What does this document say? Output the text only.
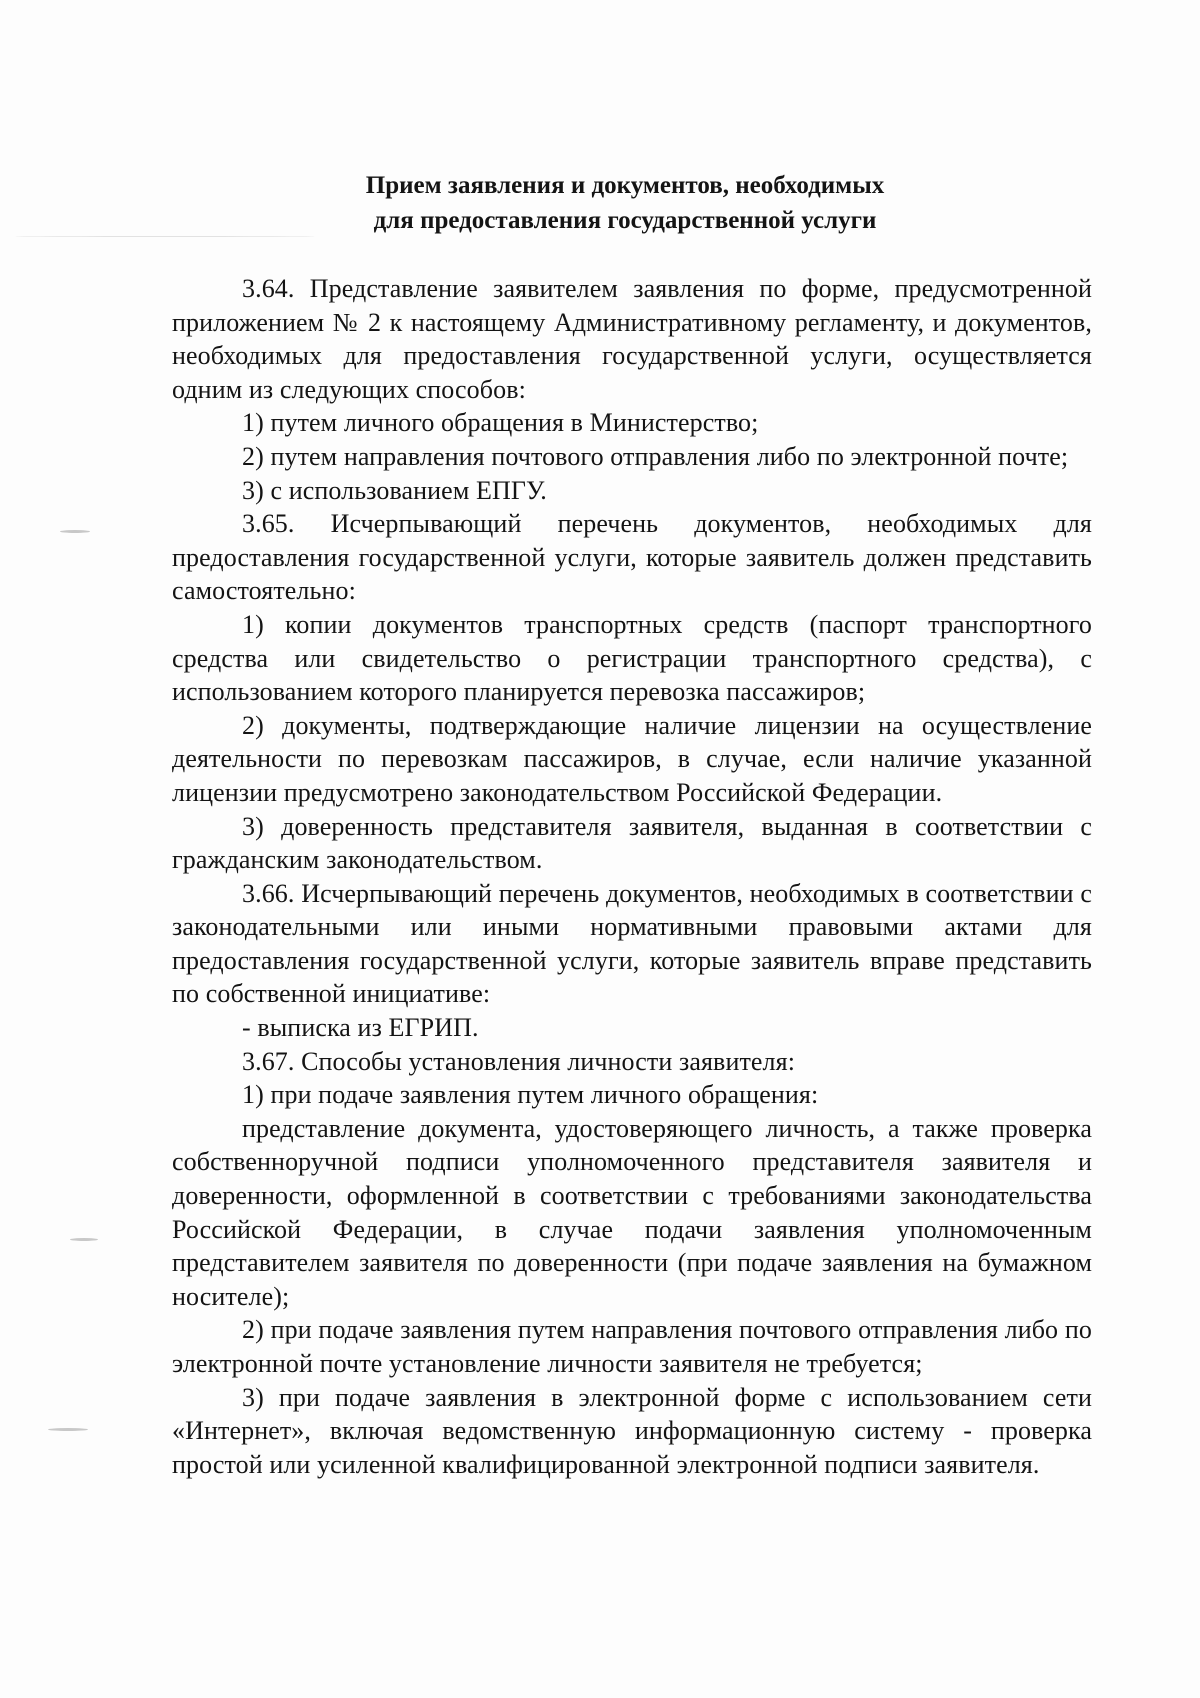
Прием заявления и документов, необходимых
для предоставления государственной услуги

3.64. Представление заявителем заявления по форме, предусмотренной приложением № 2 к настоящему Административному регламенту, и документов, необходимых для предоставления государственной услуги, осуществляется одним из следующих способов:

1) путем личного обращения в Министерство;

2) путем направления почтового отправления либо по электронной почте;

3) с использованием ЕПГУ.

3.65. Исчерпывающий перечень документов, необходимых для предоставления государственной услуги, которые заявитель должен представить самостоятельно:

1) копии документов транспортных средств (паспорт транспортного средства или свидетельство о регистрации транспортного средства), с использованием которого планируется перевозка пассажиров;

2) документы, подтверждающие наличие лицензии на осуществление деятельности по перевозкам пассажиров, в случае, если наличие указанной лицензии предусмотрено законодательством Российской Федерации.

3) доверенность представителя заявителя, выданная в соответствии с гражданским законодательством.

3.66. Исчерпывающий перечень документов, необходимых в соответствии с законодательными или иными нормативными правовыми актами для предоставления государственной услуги, которые заявитель вправе представить по собственной инициативе:

- выписка из ЕГРИП.

3.67. Способы установления личности заявителя:

1) при подаче заявления путем личного обращения:

представление документа, удостоверяющего личность, а также проверка собственноручной подписи уполномоченного представителя заявителя и доверенности, оформленной в соответствии с требованиями законодательства Российской Федерации, в случае подачи заявления уполномоченным представителем заявителя по доверенности (при подаче заявления на бумажном носителе);

2) при подаче заявления путем направления почтового отправления либо по электронной почте установление личности заявителя не требуется;

3) при подаче заявления в электронной форме с использованием сети «Интернет», включая ведомственную информационную систему - проверка простой или усиленной квалифицированной электронной подписи заявителя.
